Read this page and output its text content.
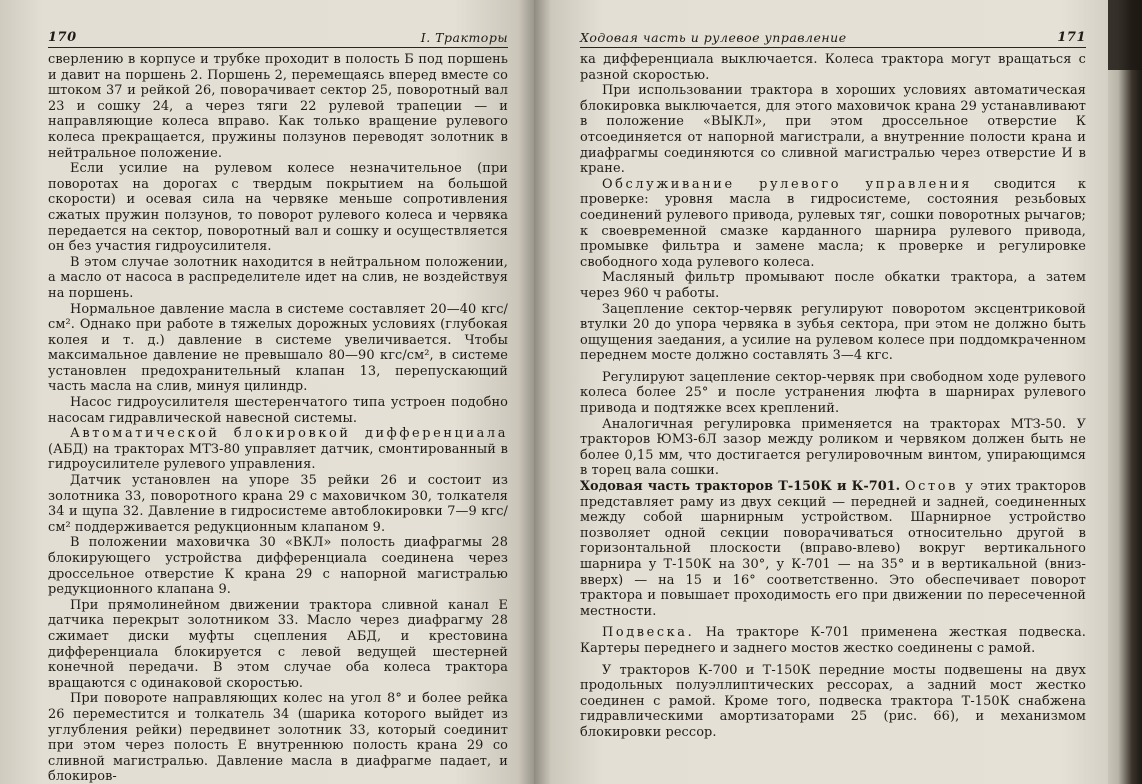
170	I. Тракторы

сверлению в корпусе и трубке проходит в полость Б под поршень и давит на поршень 2. Поршень 2, перемещаясь вперед вместе со штоком 37 и рейкой 26, поворачивает сектор 25, поворотный вал 23 и сошку 24, а через тяги 22 рулевой трапеции — и направляющие колеса вправо. Как только вращение рулевого колеса прекращается, пружины ползунов переводят золотник в нейтральное положение.

Если усилие на рулевом колесе незначительное (при поворотах на дорогах с твердым покрытием на большой скорости) и осевая сила на червяке меньше сопротивления сжатых пружин ползунов, то поворот рулевого колеса и червяка передается на сектор, поворотный вал и сошку и осуществляется он без участия гидроусилителя.

В этом случае золотник находится в нейтральном положении, а масло от насоса в распределителе идет на слив, не воздействуя на поршень.

Нормальное давление масла в системе составляет 20—40 кгс/см². Однако при работе в тяжелых дорожных условиях (глубокая колея и т. д.) давление в системе увеличивается. Чтобы максимальное давление не превышало 80—90 кгс/см², в системе установлен предохранительный клапан 13, перепускающий часть масла на слив, минуя цилиндр.

Насос гидроусилителя шестеренчатого типа устроен подобно насосам гидравлической навесной системы.

Автоматической блокировкой дифференциала (АБД) на тракторах МТЗ-80 управляет датчик, смонтированный в гидроусилителе рулевого управления.

Датчик установлен на упоре 35 рейки 26 и состоит из золотника 33, поворотного крана 29 с маховичком 30, толкателя 34 и щупа 32. Давление в гидросистеме автоблокировки 7—9 кгс/см² поддерживается редукционным клапаном 9.

В положении маховичка 30 «ВКЛ» полость диафрагмы 28 блокирующего устройства дифференциала соединена через дроссельное отверстие К крана 29 с напорной магистралью редукционного клапана 9.

При прямолинейном движении трактора сливной канал Е датчика перекрыт золотником 33. Масло через диафрагму 28 сжимает диски муфты сцепления АБД, и крестовина дифференциала блокируется с левой ведущей шестерней конечной передачи. В этом случае оба колеса трактора вращаются с одинаковой скоростью.

При повороте направляющих колес на угол 8° и более рейка 26 переместится и толкатель 34 (шарика которого выйдет из углубления рейки) передвинет золотник 33, который соединит при этом через полость Е внутреннюю полость крана 29 со сливной магистралью. Давление масла в диафрагме падает, и блокиров-

Ходовая часть и рулевое управление	171

ка дифференциала выключается. Колеса трактора могут вращаться с разной скоростью.

При использовании трактора в хороших условиях автоматическая блокировка выключается, для этого маховичок крана 29 устанавливают в положение «ВЫКЛ», при этом дроссельное отверстие К отсоединяется от напорной магистрали, а внутренние полости крана и диафрагмы соединяются со сливной магистралью через отверстие И в кране.

Обслуживание рулевого управления сводится к проверке: уровня масла в гидросистеме, состояния резьбовых соединений рулевого привода, рулевых тяг, сошки поворотных рычагов; к своевременной смазке карданного шарнира рулевого привода, промывке фильтра и замене масла; к проверке и регулировке свободного хода рулевого колеса.

Масляный фильтр промывают после обкатки трактора, а затем через 960 ч работы.

Зацепление сектор-червяк регулируют поворотом эксцентриковой втулки 20 до упора червяка в зубья сектора, при этом не должно быть ощущения заедания, а усилие на рулевом колесе при поддомкраченном переднем мосте должно составлять 3—4 кгс.

Регулируют зацепление сектор-червяк при свободном ходе рулевого колеса более 25° и после устранения люфта в шарнирах рулевого привода и подтяжке всех креплений.

Аналогичная регулировка применяется на тракторах МТЗ-50. У тракторов ЮМЗ-6Л зазор между роликом и червяком должен быть не более 0,15 мм, что достигается регулировочным винтом, упирающимся в торец вала сошки.

Ходовая часть тракторов Т-150К и К-701. Остов у этих тракторов представляет раму из двух секций — передней и задней, соединенных между собой шарнирным устройством. Шарнирное устройство позволяет одной секции поворачиваться относительно другой в горизонтальной плоскости (вправо-влево) вокруг вертикального шарнира у Т-150К на 30°, у К-701 — на 35° и в вертикальной (вниз-вверх) — на 15 и 16° соответственно. Это обеспечивает поворот трактора и повышает проходимость его при движении по пересеченной местности.

Подвеска. На тракторе К-701 применена жесткая подвеска. Картеры переднего и заднего мостов жестко соединены с рамой.

У тракторов К-700 и Т-150К передние мосты подвешены на двух продольных полуэллиптических рессорах, а задний мост жестко соединен с рамой. Кроме того, подвеска трактора Т-150К снабжена гидравлическими амортизаторами 25 (рис. 66), и механизмом блокировки рессор.
